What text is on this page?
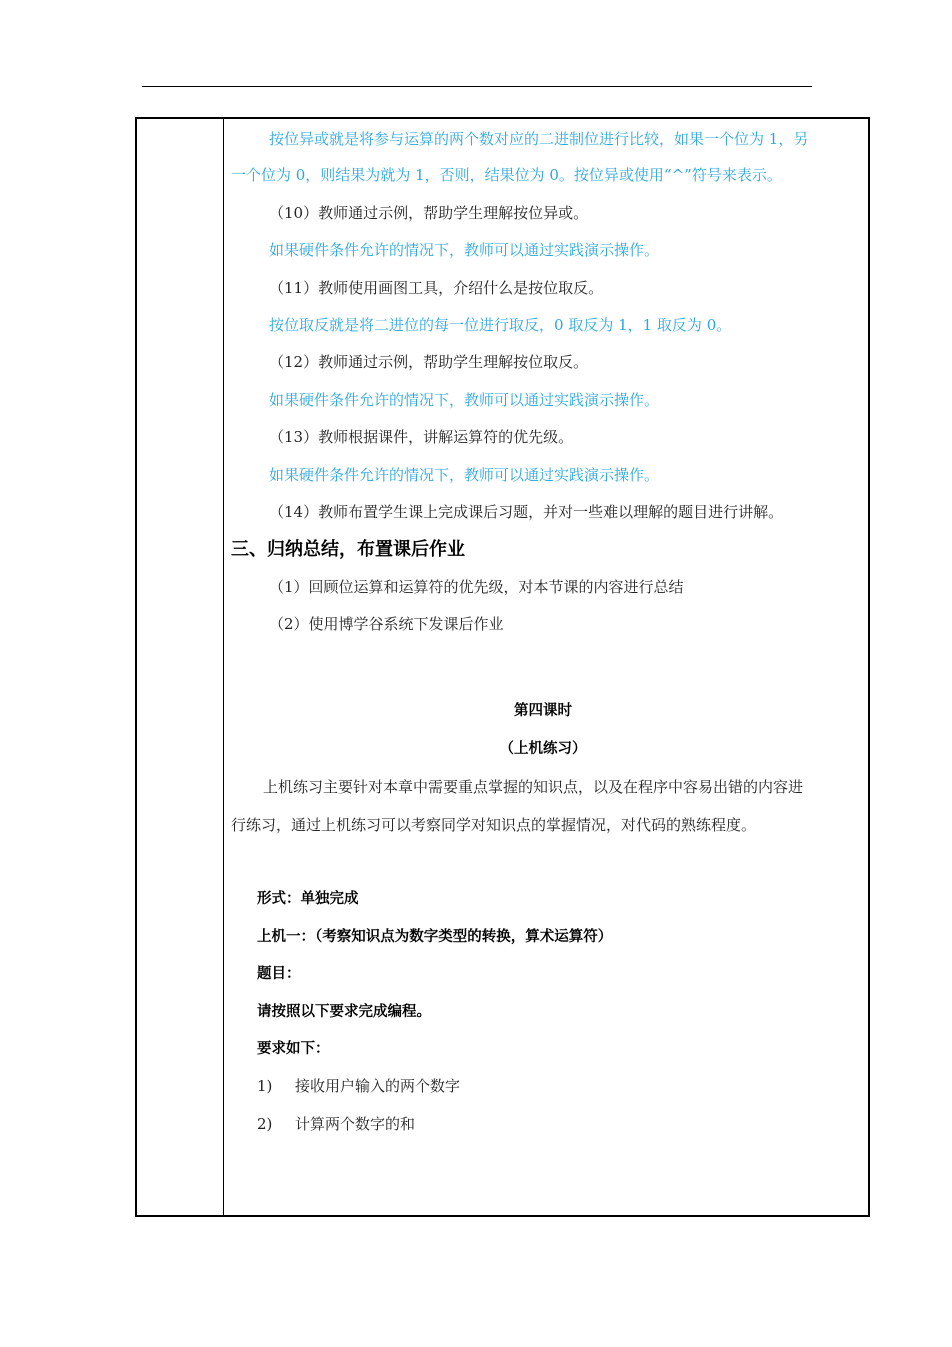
按位异或就是将参与运算的两个数对应的二进制位进行比较，如果一个位为 1，另
一个位为 0，则结果为就为 1，否则，结果位为 0。按位异或使用“^”符号来表示。
（10）教师通过示例，帮助学生理解按位异或。
如果硬件条件允许的情况下，教师可以通过实践演示操作。
（11）教师使用画图工具，介绍什么是按位取反。
按位取反就是将二进位的每一位进行取反，0 取反为 1，1 取反为 0。
（12）教师通过示例，帮助学生理解按位取反。
如果硬件条件允许的情况下，教师可以通过实践演示操作。
（13）教师根据课件，讲解运算符的优先级。
如果硬件条件允许的情况下，教师可以通过实践演示操作。
（14）教师布置学生课上完成课后习题，并对一些难以理解的题目进行讲解。
三、归纳总结，布置课后作业
（1）回顾位运算和运算符的优先级，对本节课的内容进行总结
（2）使用博学谷系统下发课后作业
第四课时
（上机练习）
上机练习主要针对本章中需要重点掌握的知识点，以及在程序中容易出错的内容进
行练习，通过上机练习可以考察同学对知识点的掌握情况，对代码的熟练程度。
形式：单独完成
上机一：（考察知识点为数字类型的转换，算术运算符）
题目：
请按照以下要求完成编程。
要求如下：
1) 接收用户输入的两个数字
2) 计算两个数字的和
